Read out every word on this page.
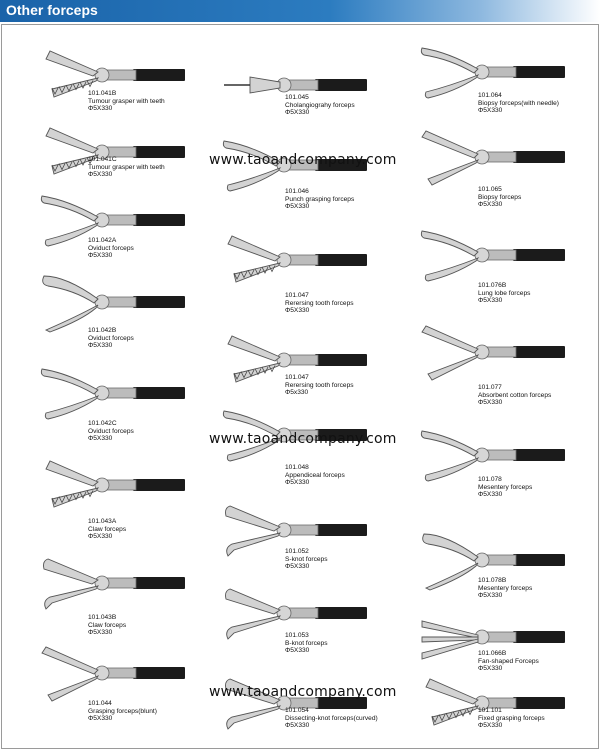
Other forceps
101.041B
Tumour grasper with teeth
Φ5X330
101.041C
Tumour grasper with teeth
Φ5X330
101.042A
Oviduct forceps
Φ5X330
101.042B
Oviduct forceps
Φ5X330
101.042C
Oviduct forceps
Φ5X330
101.043A
Claw forceps
Φ5X330
101.043B
Claw forceps
Φ5X330
101.044
Grasping forceps(blunt)
Φ5X330
101.045
Cholangiograhy forceps
Φ5X330
101.046
Punch grasping forceps
Φ5X330
101.047
Rerersing tooth forceps
Φ5X330
101.047
Rerersing tooth forceps
Φ5x330
101.048
Appendiceal forceps
Φ5X330
101.052
S-knot forceps
Φ5X330
101.053
B-knot forceps
Φ5X330
101.054
Dissecting-knot forceps(curved)
Φ5X330
101.064
Biopsy forceps(with needle)
Φ5X330
101.065
Biopsy forceps
Φ5X330
101.076B
Lung lobe forceps
Φ5X330
101.077
Absorbent cotton forceps
Φ5X330
101.078
Mesentery forceps
Φ5X330
101.078B
Mesentery forceps
Φ5X330
101.066B
Fan-shaped Forceps
Φ5X330
101.101
Fixed grasping forceps
Φ5X330
www.taoandcompany.com
www.taoandcompany.com
www.taoandcompany.com
